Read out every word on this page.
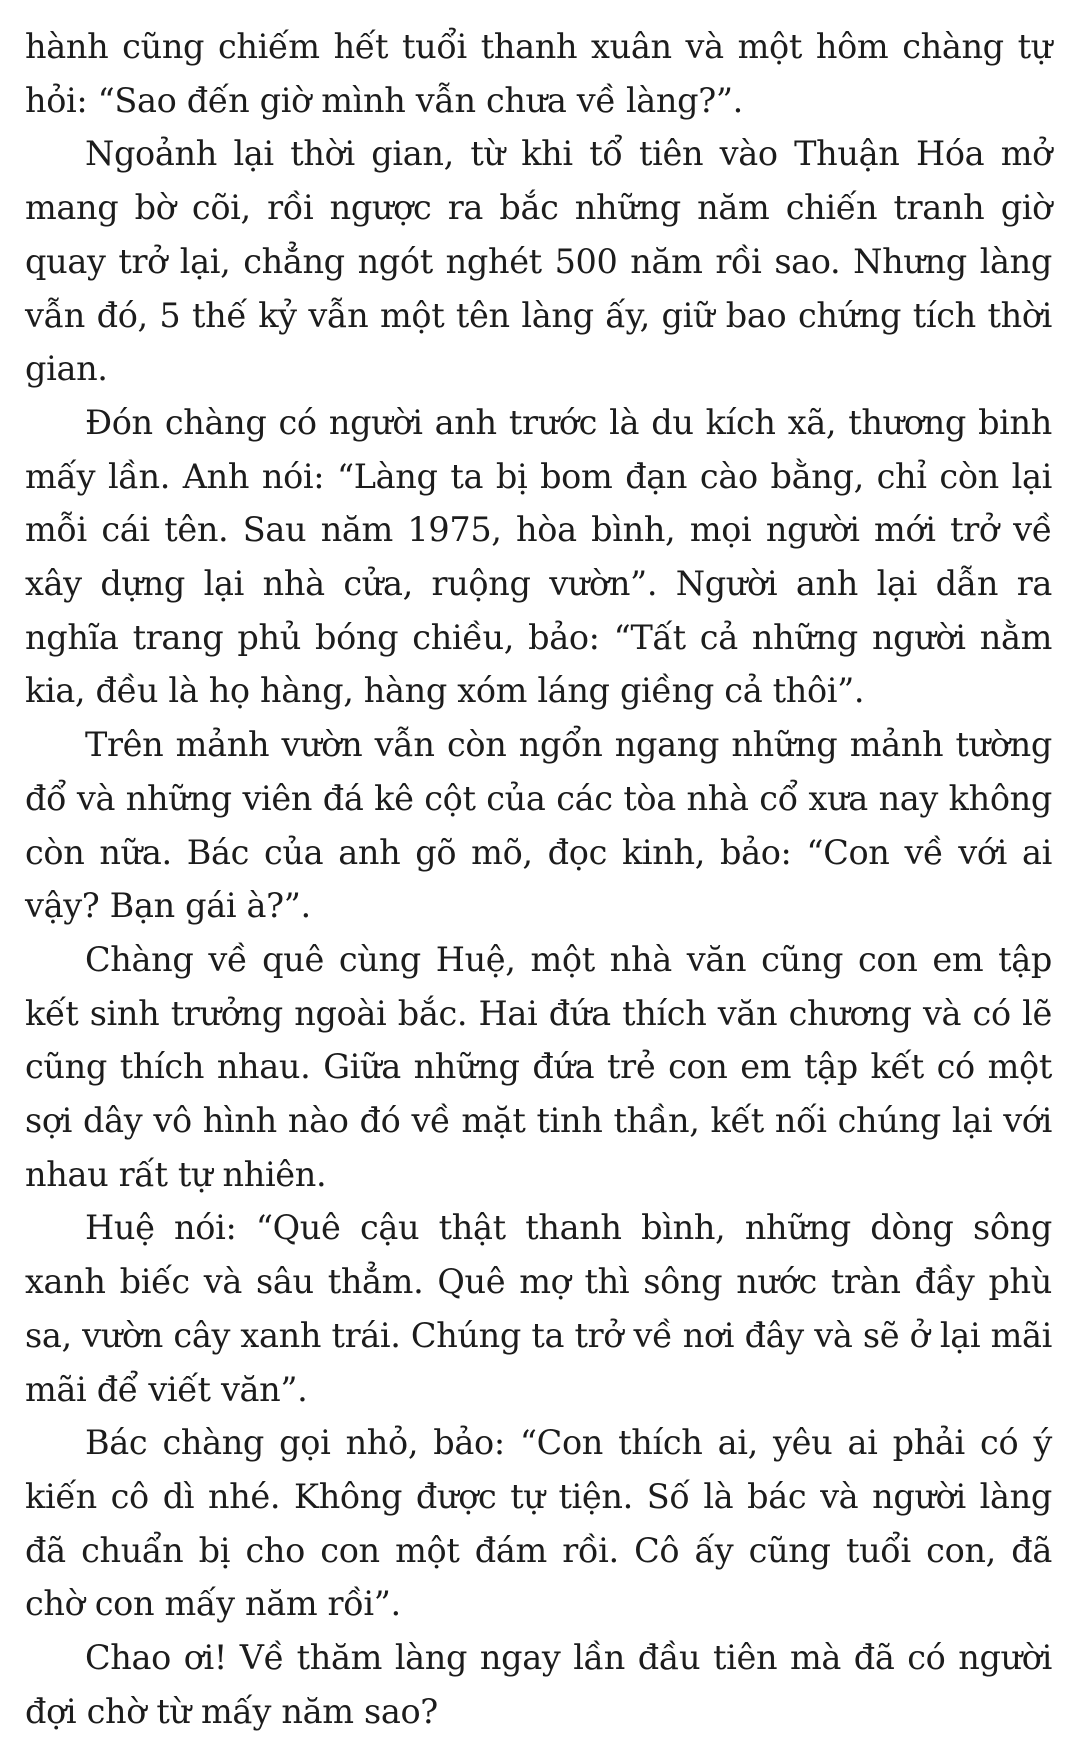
hành cũng chiếm hết tuổi thanh xuân và một hôm chàng tự hỏi: “Sao đến giờ mình vẫn chưa về làng?”.

Ngoảnh lại thời gian, từ khi tổ tiên vào Thuận Hóa mở mang bờ cõi, rồi ngược ra bắc những năm chiến tranh giờ quay trở lại, chẳng ngót nghét 500 năm rồi sao. Nhưng làng vẫn đó, 5 thế kỷ vẫn một tên làng ấy, giữ bao chứng tích thời gian.

Đón chàng có người anh trước là du kích xã, thương binh mấy lần. Anh nói: “Làng ta bị bom đạn cào bằng, chỉ còn lại mỗi cái tên. Sau năm 1975, hòa bình, mọi người mới trở về xây dựng lại nhà cửa, ruộng vườn”. Người anh lại dẫn ra nghĩa trang phủ bóng chiều, bảo: “Tất cả những người nằm kia, đều là họ hàng, hàng xóm láng giềng cả thôi”.

Trên mảnh vườn vẫn còn ngổn ngang những mảnh tường đổ và những viên đá kê cột của các tòa nhà cổ xưa nay không còn nữa. Bác của anh gõ mõ, đọc kinh, bảo: “Con về với ai vậy? Bạn gái à?”.

Chàng về quê cùng Huệ, một nhà văn cũng con em tập kết sinh trưởng ngoài bắc. Hai đứa thích văn chương và có lẽ cũng thích nhau. Giữa những đứa trẻ con em tập kết có một sợi dây vô hình nào đó về mặt tinh thần, kết nối chúng lại với nhau rất tự nhiên.

Huệ nói: “Quê cậu thật thanh bình, những dòng sông xanh biếc và sâu thẳm. Quê mợ thì sông nước tràn đầy phù sa, vườn cây xanh trái. Chúng ta trở về nơi đây và sẽ ở lại mãi mãi để viết văn”.

Bác chàng gọi nhỏ, bảo: “Con thích ai, yêu ai phải có ý kiến cô dì nhé. Không được tự tiện. Số là bác và người làng đã chuẩn bị cho con một đám rồi. Cô ấy cũng tuổi con, đã chờ con mấy năm rồi”.

Chao ơi! Về thăm làng ngay lần đầu tiên mà đã có người đợi chờ từ mấy năm sao?
